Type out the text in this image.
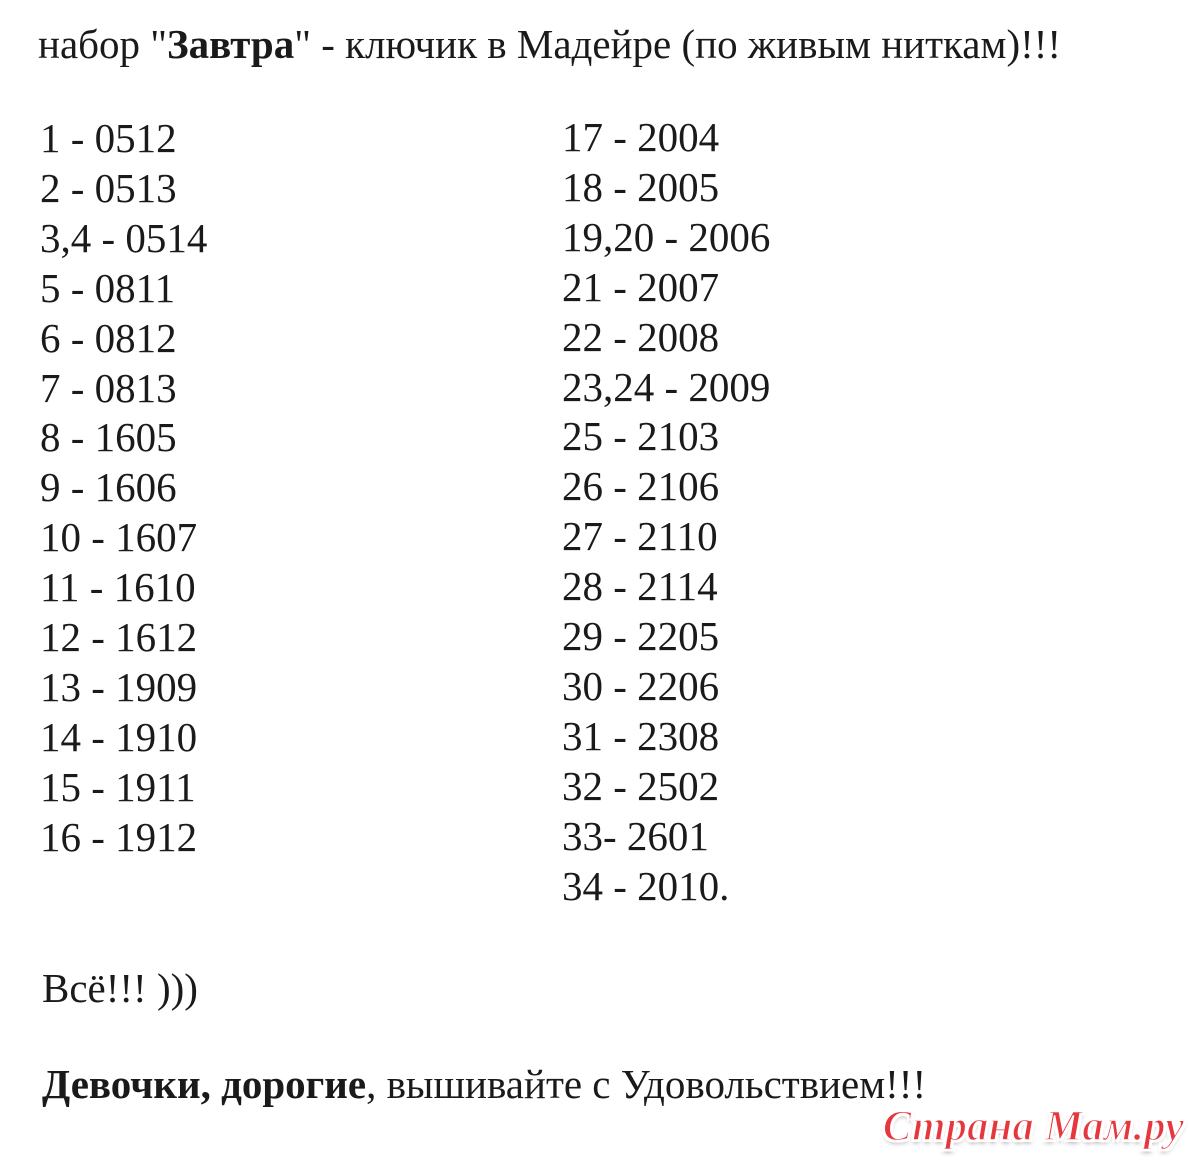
набор "Завтра" - ключик в Мадейре (по живым ниткам)!!!
1 - 0512
2 - 0513
3,4 - 0514
5 - 0811
6 - 0812
7 - 0813
8 - 1605
9 - 1606
10 - 1607
11 - 1610
12 - 1612
13 - 1909
14 - 1910
15 - 1911
16 - 1912
17 - 2004
18 - 2005
19,20 - 2006
21 - 2007
22 - 2008
23,24 - 2009
25 - 2103
26 - 2106
27 - 2110
28 - 2114
29 - 2205
30 - 2206
31 - 2308
32 - 2502
33- 2601
34 - 2010.
Всё!!! )))
Девочки, дорогие, вышивайте с Удовольствием!!!
Страна Мам.ру
